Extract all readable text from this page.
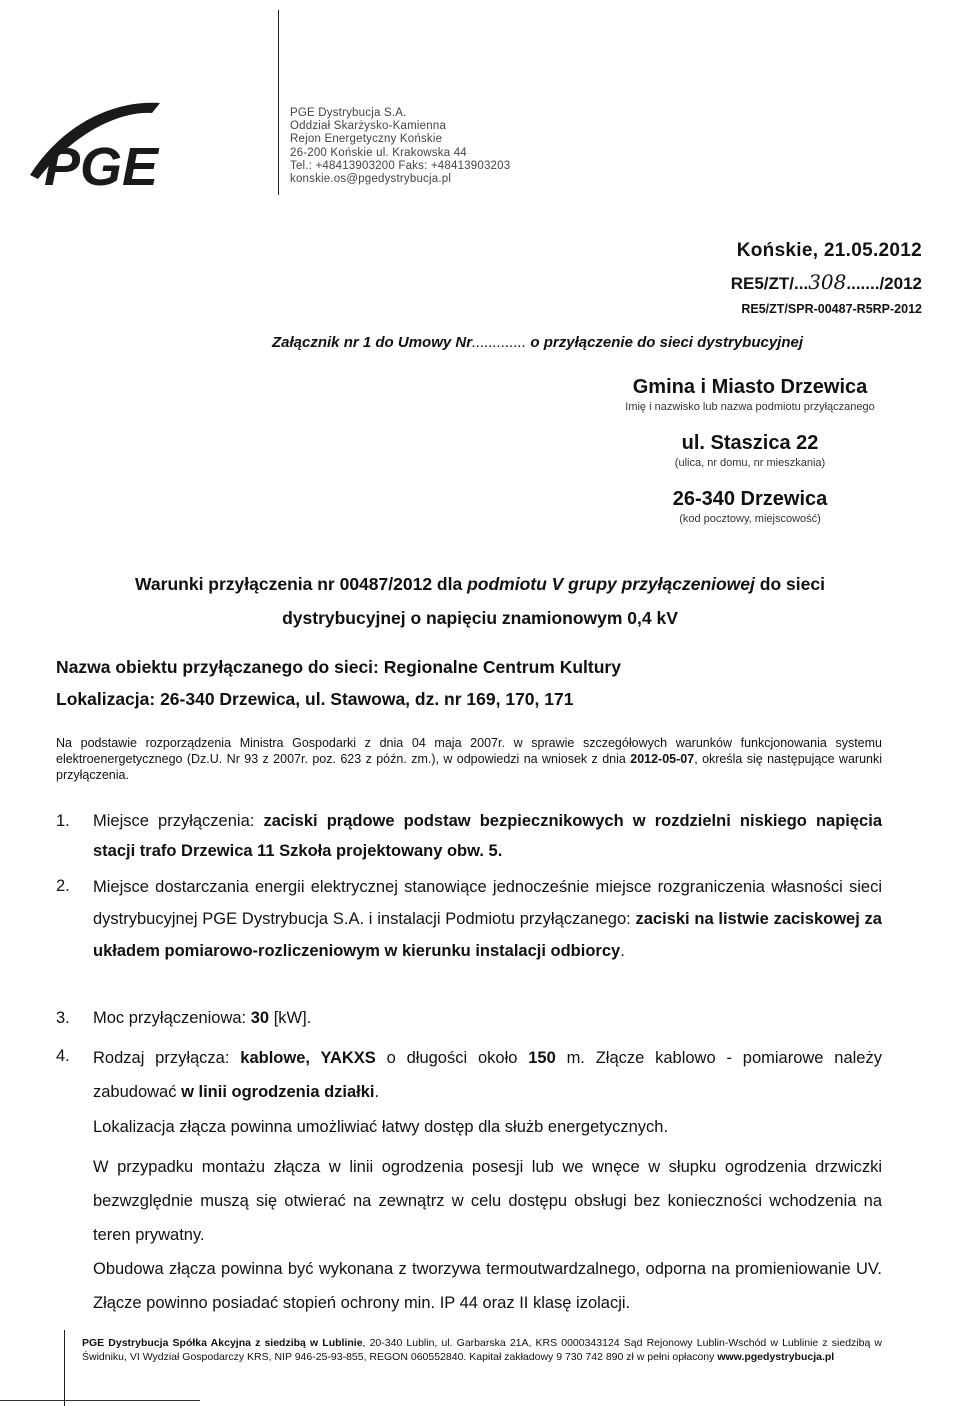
PGE
PGE Dystrybucja S.A.
Oddział Skarżysko-Kamienna
Rejon Energetyczny Końskie
26-200 Końskie ul. Krakowska 44
Tel.: +48413903200 Faks: +48413903203
konskie.os@pgedystrybucja.pl
Końskie, 21.05.2012
RE5/ZT/...308......./2012
RE5/ZT/SPR-00487-R5RP-2012
Załącznik nr 1 do Umowy Nr............. o przyłączenie do sieci dystrybucyjnej
Gmina i Miasto Drzewica
Imię i nazwisko lub nazwa podmiotu przyłączanego
ul. Staszica 22
(ulica, nr domu, nr mieszkania)
26-340 Drzewica
(kod pocztowy, miejscowość)
Warunki przyłączenia nr 00487/2012 dla podmiotu V grupy przyłączeniowej do sieci
dystrybucyjnej o napięciu znamionowym 0,4 kV
Nazwa obiektu przyłączanego do sieci: Regionalne Centrum Kultury
Lokalizacja: 26-340 Drzewica, ul. Stawowa, dz. nr 169, 170, 171
Na podstawie rozporządzenia Ministra Gospodarki z dnia 04 maja 2007r. w sprawie szczegółowych warunków funkcjonowania systemu elektroenergetycznego (Dz.U. Nr 93 z 2007r. poz. 623 z późn. zm.), w odpowiedzi na wniosek z dnia 2012-05-07, określa się następujące warunki przyłączenia.
1. Miejsce przyłączenia: zaciski prądowe podstaw bezpiecznikowych w rozdzielni niskiego napięcia stacji trafo Drzewica 11 Szkoła projektowany obw. 5.
2. Miejsce dostarczania energii elektrycznej stanowiące jednocześnie miejsce rozgraniczenia własności sieci dystrybucyjnej PGE Dystrybucja S.A. i instalacji Podmiotu przyłączanego: zaciski na listwie zaciskowej za układem pomiarowo-rozliczeniowym w kierunku instalacji odbiorcy.
3. Moc przyłączeniowa: 30 [kW].
4. Rodzaj przyłącza: kablowe, YAKXS o długości około 150 m. Złącze kablowo - pomiarowe należy zabudować w linii ogrodzenia działki.
Lokalizacja złącza powinna umożliwiać łatwy dostęp dla służb energetycznych.
W przypadku montażu złącza w linii ogrodzenia posesji lub we wnęce w słupku ogrodzenia drzwiczki bezwzględnie muszą się otwierać na zewnątrz w celu dostępu obsługi bez konieczności wchodzenia na teren prywatny.
Obudowa złącza powinna być wykonana z tworzywa termoutwardzalnego, odporna na promieniowanie UV. Złącze powinno posiadać stopień ochrony min. IP 44 oraz II klasę izolacji.
PGE Dystrybucja Spółka Akcyjna z siedzibą w Lublinie, 20-340 Lublin, ul. Garbarska 21A, KRS 0000343124 Sąd Rejonowy Lublin-Wschód w Lublinie z siedzibą w Świdniku, VI Wydział Gospodarczy KRS, NIP 946-25-93-855, REGON 060552840. Kapitał zakładowy 9 730 742 890 zł w pełni opłacony www.pgedystrybucja.pl
